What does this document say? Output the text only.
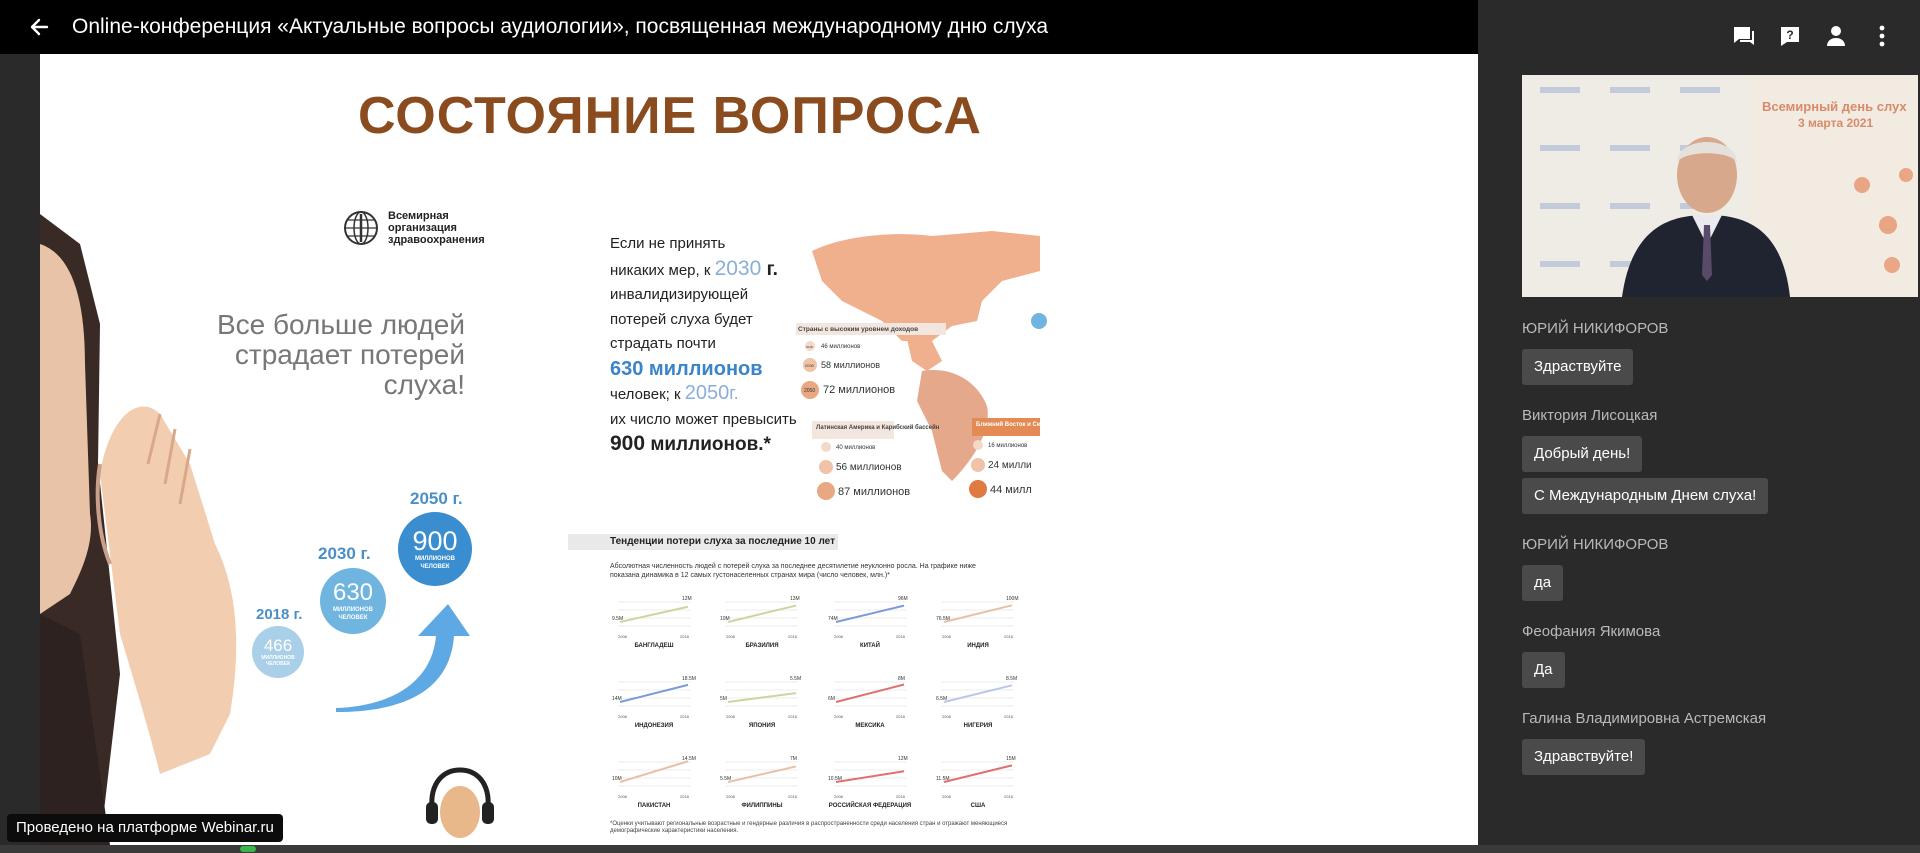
Online-конференция «Актуальные вопросы аудиологии», посвященная международному дню слуха	?
СОСТОЯНИЕ ВОПРОСА
Всемирная организация
здравоохранения
Все больше людей
страдает потерей
слуха!
2018 г.
466
МИЛЛИОНОВ ЧЕЛОВЕК
2030 г.
630
МИЛЛИОНОВ ЧЕЛОВЕК
2050 г.
900
МИЛЛИОНОВ ЧЕЛОВЕК
Если не принять
никаких мер, к 2030 г.
инвалидизирующей
потерей слуха будет
страдать почти
630 миллионов
человек; к 2050г.
их число может превысить
900 миллионов.*
Страны с высоким уровнем доходов
2018 46 миллионов
2030 58 миллионов
2050 72 миллионов
Латинская Америка и Карибский бассейн
40 миллионов
56 миллионов
87 миллионов
Ближний Восток и Северная Африка
16 миллионов
24 милли
44 милл
Тенденции потери слуха за последние 10 лет
Абсолютная численность людей с потерей слуха за последнее десятилетие неуклонно росла. На графике ниже показана динамика в 12 самых густонаселенных странах мира (число человек, млн.)*
9.5M
12M
2008	2018
БАНГЛАДЕШ
10M
13M
2008	2018
БРАЗИЛИЯ
74M
96M
2008	2018
КИТАЙ
76.5M
100M
2008	2018
ИНДИЯ
14M
18.5M
2008	2018
ИНДОНЕЗИЯ
5M
5.5M
2008	2018
ЯПОНИЯ
6M
8M
2008	2018
МЕКСИКА
6.5M
8.5M
2008	2018
НИГЕРИЯ
10M
14.5M
2008	2018
ПАКИСТАН
5.5M
7M
2008	2018
ФИЛИППИНЫ
10.5M
12M
2008	2018
РОССИЙСКАЯ ФЕДЕРАЦИЯ
11.5M
15M
2008	2018
США
*Оценки учитывают региональные возрастные и гендерные различия в распространенности среди населения стран и отражают меняющиеся демографические характеристики населения.
Всемирный день слух
3 марта 2021
ЮРИЙ НИКИФОРОВ
Здраствуйте
Виктория Лисоцкая
Добрый день!
С Международным Днем слуха!
ЮРИЙ НИКИФОРОВ
да
Феофания Якимова
Да
Галина Владимировна Астремская
Здравствуйте!
Проведено на платформе Webinar.ru
